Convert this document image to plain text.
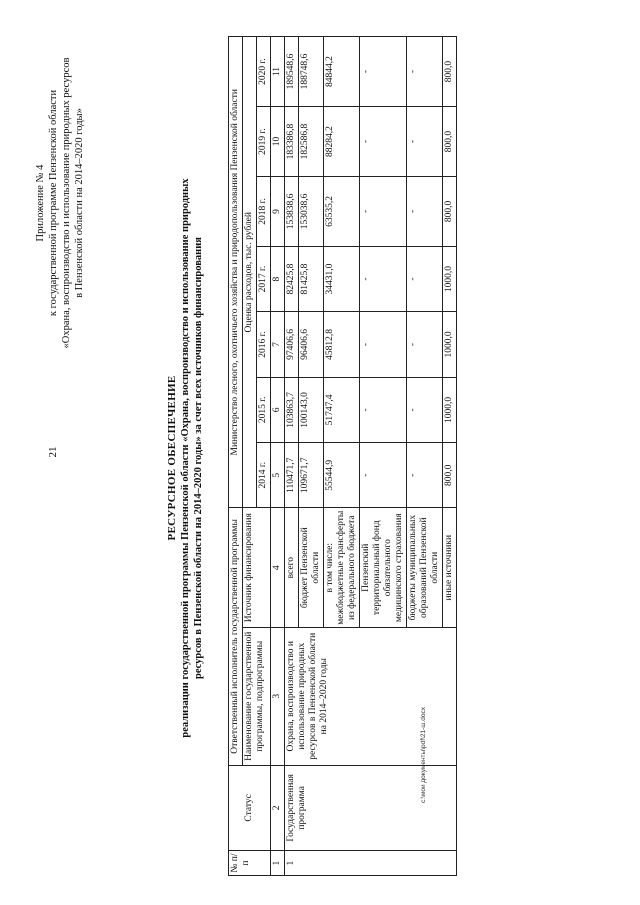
21
c:\мои документы\pdf\21-ш.docx
Приложение № 4 к государственной программе Пензенской области «Охрана, воспроизводство и использование природных ресурсов в Пензенской области на 2014–2020 годы»
РЕСУРСНОЕ ОБЕСПЕЧЕНИЕ реализации государственной программы Пензенской области «Охрана, воспроизводство и использование природных ресурсов в Пензенской области на 2014–2020 годы» за счет всех источников финансирования
№ п/п	Статус	Ответственный исполнитель государственной программы		Министерство лесного, охотничьего хозяйства и природопользования Пензенской области						
		Наименование государственной программы, подпрограммы	Источник финансирования	Оценка расходов, тыс. рублей						
				2014 г.	2015 г.	2016 г.	2017 г.	2018 г.	2019 г.	2020 г.
1	2	3	4	5	6	7	8	9	10	11
1	Государственная программа	Охрана, воспроизводство и использование природных ресурсов в Пензенской области на 2014–2020 годы	всего	110471,7	103863,7	97406,6	82425,8	153838,6	183386,8	189548,6
			бюджет Пензенской области	109671,7	100143,0	96406,6	81425,8	153038,6	182586,8	188748,6
			в том числе: межбюджетные трансферты из федерального бюджета	55544,9	51747,4	45812,8	34431,0	63535,2	88284,2	84844,2
			Пензенский территориальный фонд обязательного медицинского страхования	-	-	-	-	-	-	-
			бюджеты муниципальных образований Пензенской области	-	-	-	-	-	-	-
			иные источники	800,0	1000,0	1000,0	1000,0	800,0	800,0	800,0
